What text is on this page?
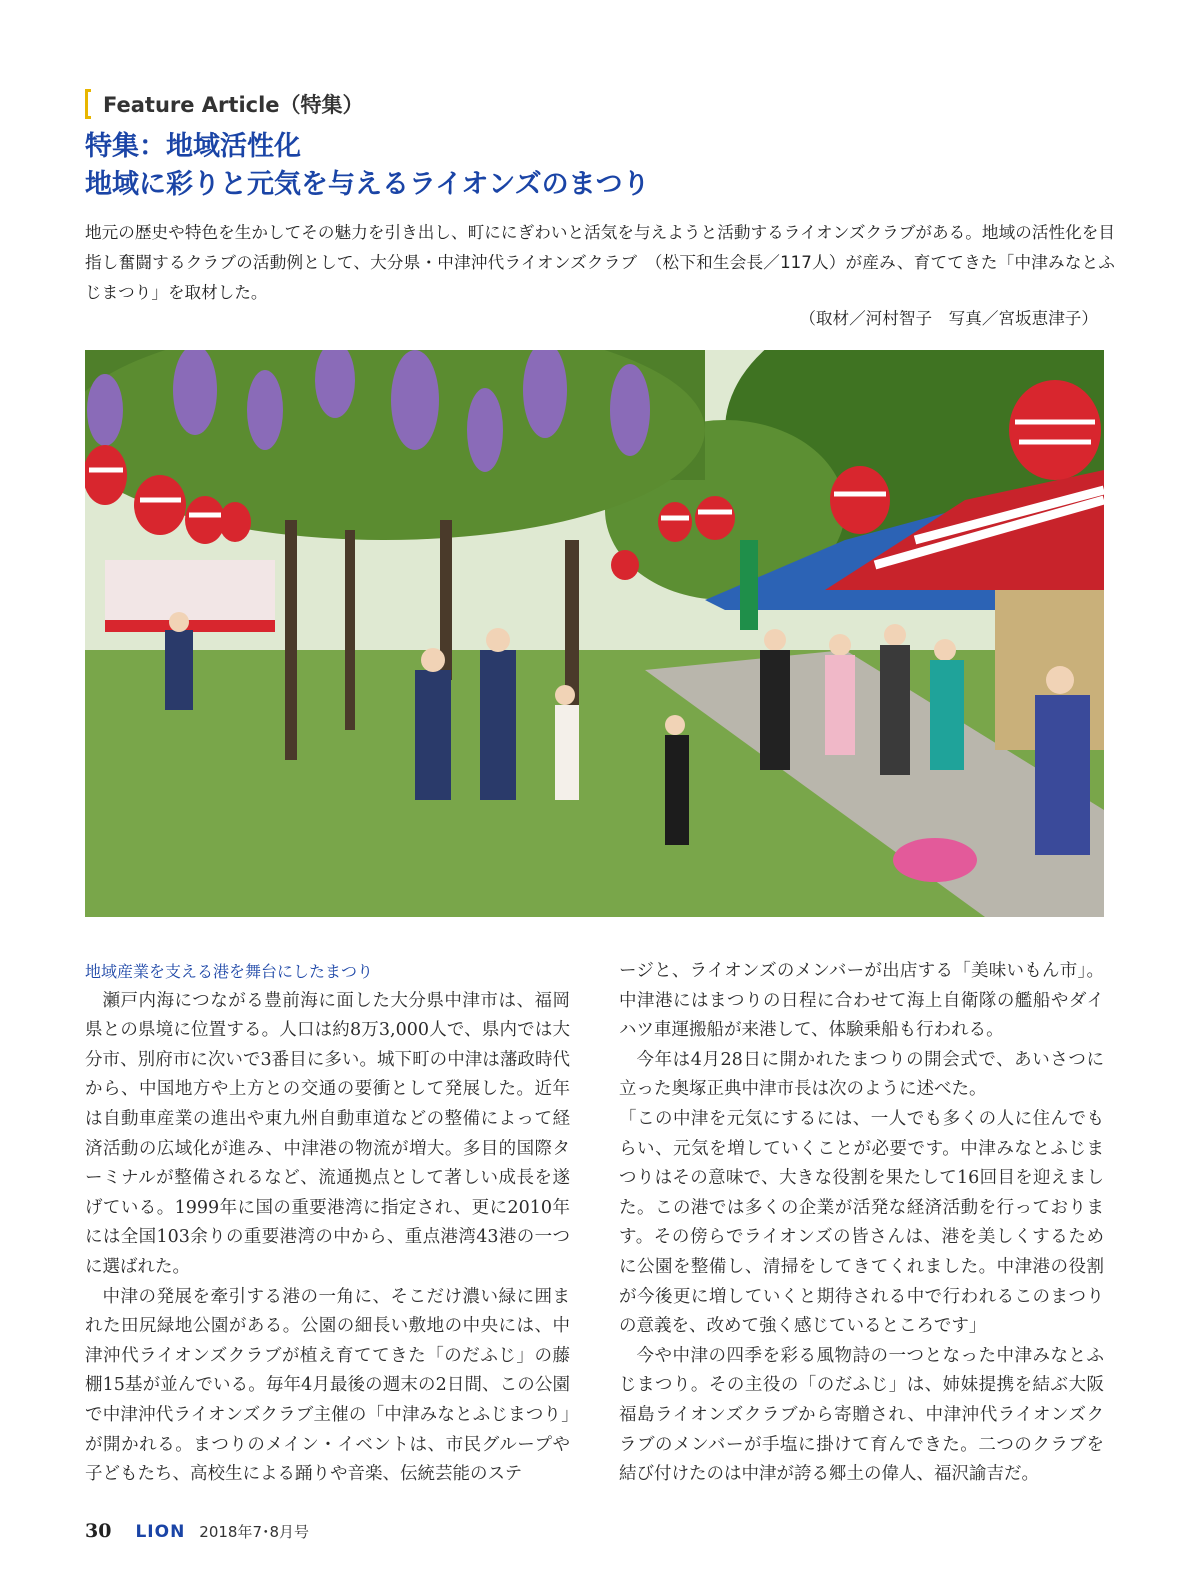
Feature Article（特集）
特集：地域活性化
地域に彩りと元気を与えるライオンズのまつり
地元の歴史や特色を生かしてその魅力を引き出し、町ににぎわいと活気を与えようと活動するライオンズクラブがある。地域の活性化を目指し奮闘するクラブの活動例として、大分県・中津沖代ライオンズクラブ　（松下和生会長／117人）が産み、育ててきた「中津みなとふじまつり」を取材した。
（取材／河村智子　写真／宮坂恵津子）
地域産業を支える港を舞台にしたまつり

瀬戸内海につながる豊前海に面した大分県中津市は、福岡県との県境に位置する。人口は約8万3,000人で、県内では大分市、別府市に次いで3番目に多い。城下町の中津は藩政時代から、中国地方や上方との交通の要衝として発展した。近年は自動車産業の進出や東九州自動車道などの整備によって経済活動の広域化が進み、中津港の物流が増大。多目的国際ターミナルが整備されるなど、流通拠点として著しい成長を遂げている。1999年に国の重要港湾に指定され、更に2010年には全国103余りの重要港湾の中から、重点港湾43港の一つに選ばれた。

中津の発展を牽引する港の一角に、そこだけ濃い緑に囲まれた田尻緑地公園がある。公園の細長い敷地の中央には、中津沖代ライオンズクラブが植え育ててきた「のだふじ」の藤棚15基が並んでいる。毎年4月最後の週末の2日間、この公園で中津沖代ライオンズクラブ主催の「中津みなとふじまつり」が開かれる。まつりのメイン・イベントは、市民グループや子どもたち、高校生による踊りや音楽、伝統芸能のステ

ージと、ライオンズのメンバーが出店する「美味いもん市」。中津港にはまつりの日程に合わせて海上自衛隊の艦船やダイハツ車運搬船が来港して、体験乗船も行われる。

今年は4月28日に開かれたまつりの開会式で、あいさつに立った奥塚正典中津市長は次のように述べた。

「この中津を元気にするには、一人でも多くの人に住んでもらい、元気を増していくことが必要です。中津みなとふじまつりはその意味で、大きな役割を果たして16回目を迎えました。この港では多くの企業が活発な経済活動を行っております。その傍らでライオンズの皆さんは、港を美しくするために公園を整備し、清掃をしてきてくれました。中津港の役割が今後更に増していくと期待される中で行われるこのまつりの意義を、改めて強く感じているところです」

今や中津の四季を彩る風物詩の一つとなった中津みなとふじまつり。その主役の「のだふじ」は、姉妹提携を結ぶ大阪福島ライオンズクラブから寄贈され、中津沖代ライオンズクラブのメンバーが手塩に掛けて育んできた。二つのクラブを結び付けたのは中津が誇る郷土の偉人、福沢諭吉だ。

30 LION 2018年7･8月号
